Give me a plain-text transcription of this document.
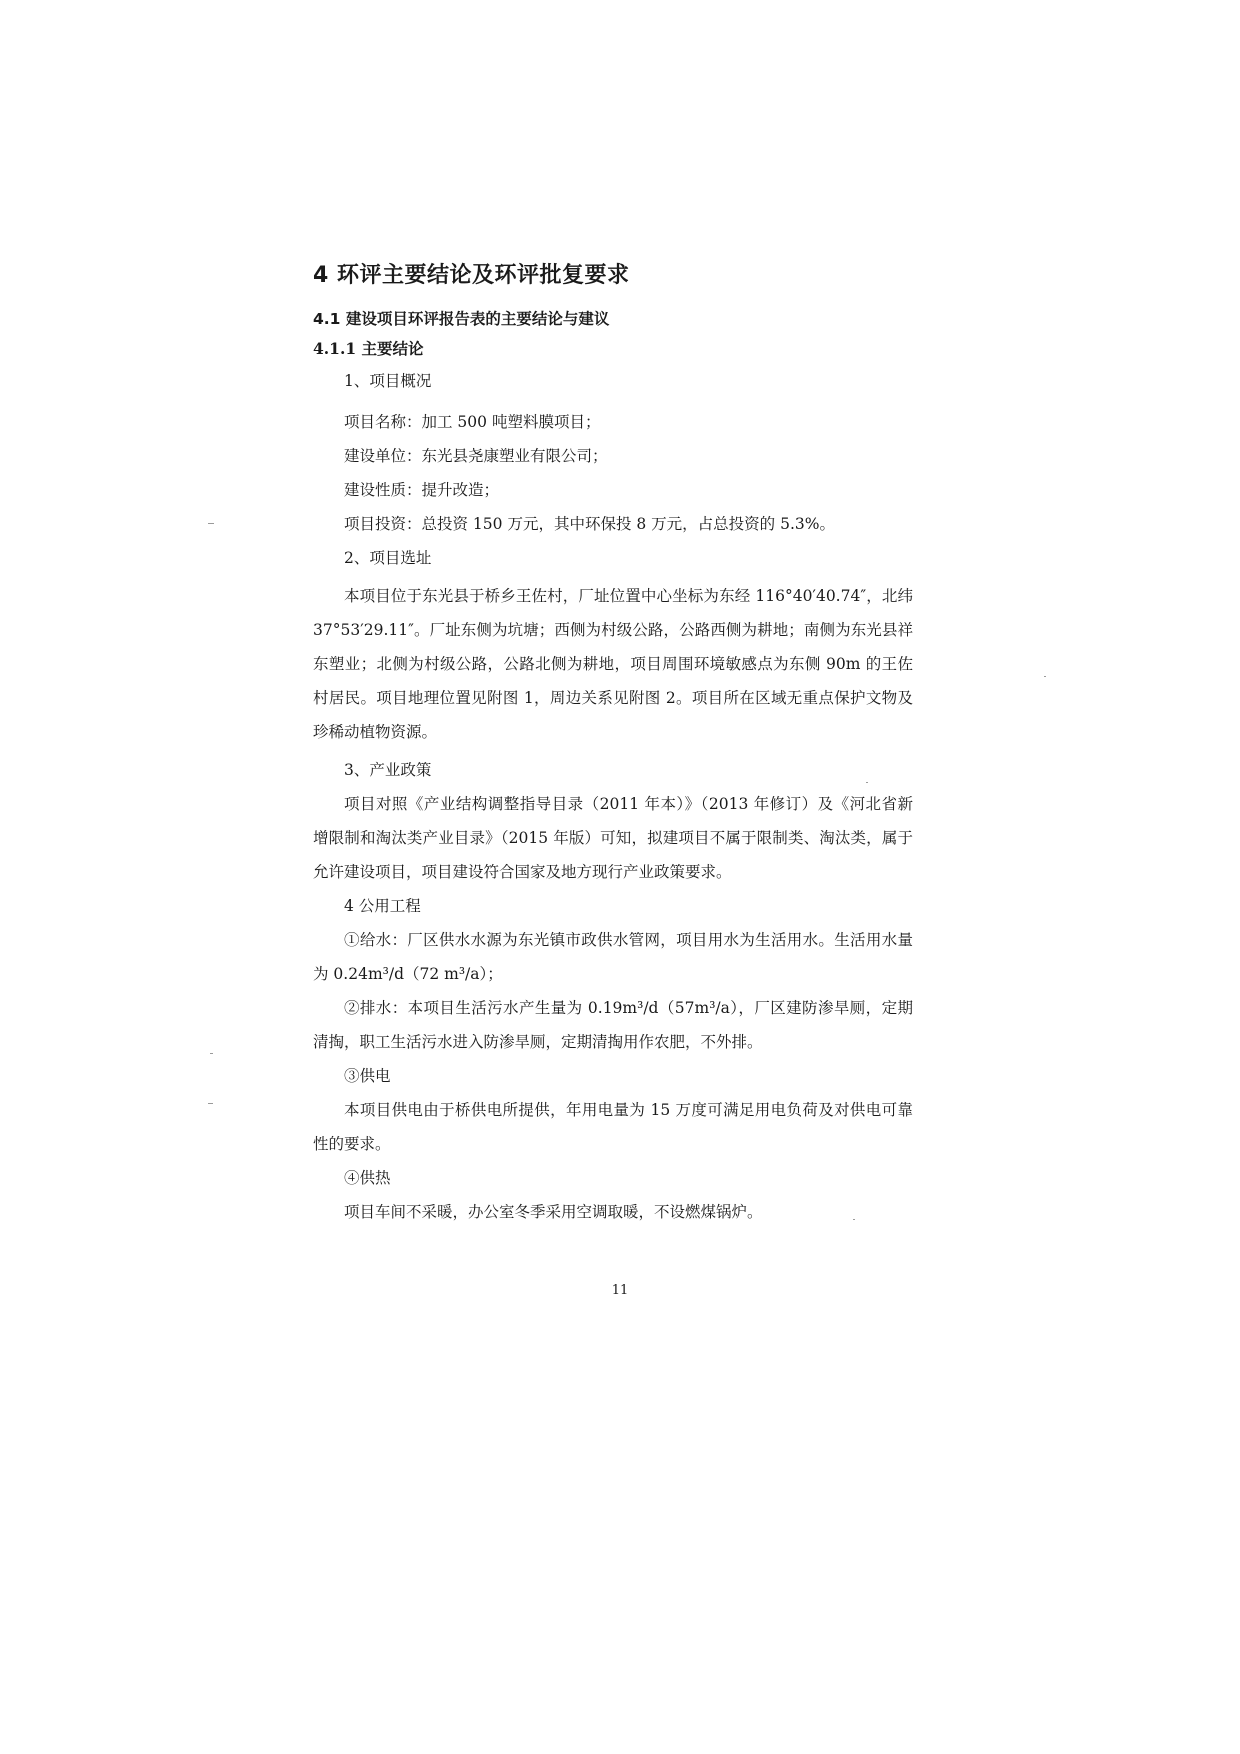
4 环评主要结论及环评批复要求
4.1 建设项目环评报告表的主要结论与建议
4.1.1 主要结论

1、项目概况

项目名称：加工 500 吨塑料膜项目；

建设单位：东光县尧康塑业有限公司；

建设性质：提升改造；

项目投资：总投资 150 万元，其中环保投 8 万元，占总投资的 5.3%。

2、项目选址

本项目位于东光县于桥乡王佐村，厂址位置中心坐标为东经 116°40′40.74″，北纬 37°53′29.11″。厂址东侧为坑塘；西侧为村级公路，公路西侧为耕地；南侧为东光县祥东塑业；北侧为村级公路，公路北侧为耕地，项目周围环境敏感点为东侧 90m 的王佐村居民。项目地理位置见附图 1，周边关系见附图 2。项目所在区域无重点保护文物及珍稀动植物资源。

3、产业政策

项目对照《产业结构调整指导目录（2011 年本）》（2013 年修订）及《河北省新增限制和淘汰类产业目录》（2015 年版）可知，拟建项目不属于限制类、淘汰类，属于允许建设项目，项目建设符合国家及地方现行产业政策要求。

4 公用工程

①给水：厂区供水水源为东光镇市政供水管网，项目用水为生活用水。生活用水量为 0.24m³/d（72 m³/a）；

②排水：本项目生活污水产生量为 0.19m³/d（57m³/a），厂区建防渗旱厕，定期清掏，职工生活污水进入防渗旱厕，定期清掏用作农肥，不外排。

③供电

本项目供电由于桥供电所提供，年用电量为 15 万度可满足用电负荷及对供电可靠性的要求。

④供热

项目车间不采暖，办公室冬季采用空调取暖，不设燃煤锅炉。

11
